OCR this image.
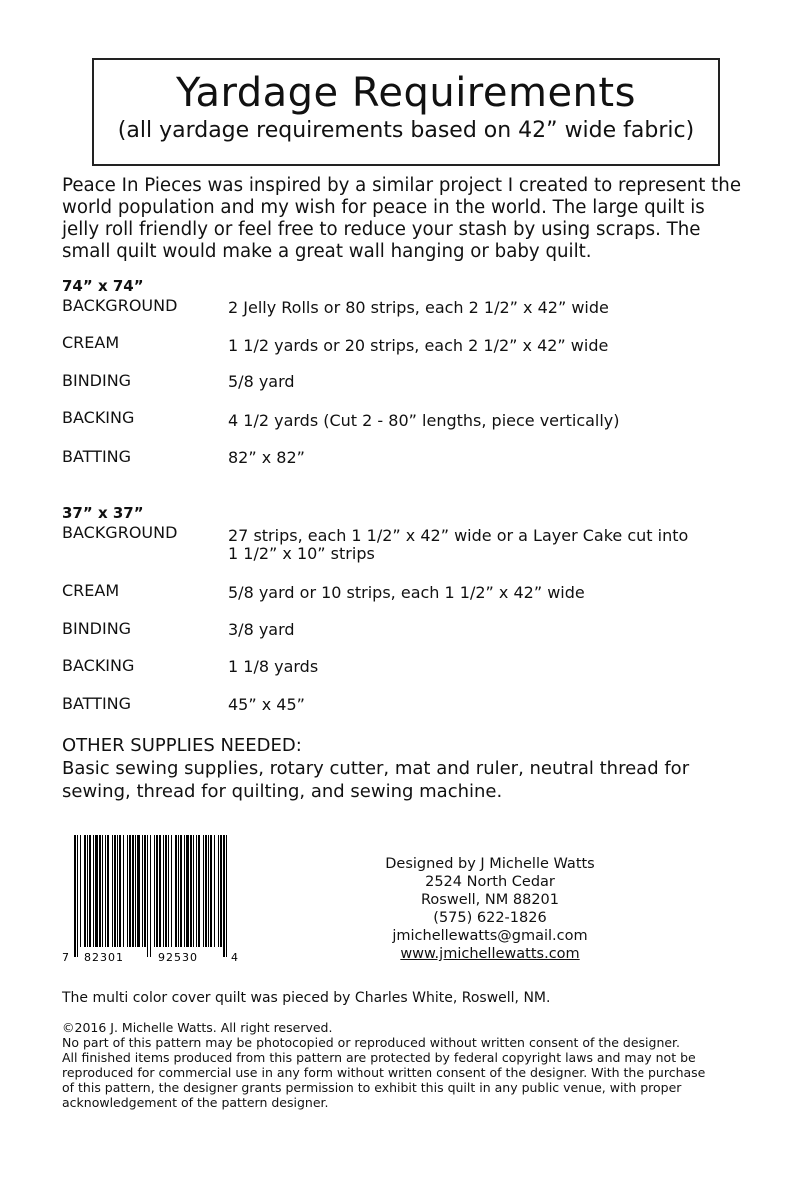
Yardage Requirements
(all yardage requirements based on 42” wide fabric)
Peace In Pieces was inspired by a similar project I created to represent the world population and my wish for peace in the world. The large quilt is jelly roll friendly or feel free to reduce your stash by using scraps. The small quilt would make a great wall hanging or baby quilt.
74” x 74”
BACKGROUND	2 Jelly Rolls or 80 strips, each 2 1/2” x 42” wide
CREAM	1 1/2 yards or 20 strips, each 2 1/2” x 42” wide
BINDING	5/8 yard
BACKING	4 1/2 yards (Cut 2 - 80” lengths, piece vertically)
BATTING	82” x 82”
37” x 37”
BACKGROUND	27 strips, each 1 1/2” x 42” wide or a Layer Cake cut into
1 1/2” x 10” strips
CREAM	5/8 yard or 10 strips, each 1 1/2” x 42” wide
BINDING	3/8 yard
BACKING	1 1/8 yards
BATTING	45” x 45”
OTHER SUPPLIES NEEDED:
Basic sewing supplies, rotary cutter, mat and ruler, neutral thread for sewing, thread for quilting, and sewing machine.
7 82301	92530	4
Designed by J Michelle Watts
2524 North Cedar
Roswell, NM 88201
(575) 622-1826
jmichellewatts@gmail.com
www.jmichellewatts.com
The multi color cover quilt was pieced by Charles White, Roswell, NM.
©2016 J. Michelle Watts. All right reserved.
No part of this pattern may be photocopied or reproduced without written consent of the designer.
All finished items produced from this pattern are protected by federal copyright laws and may not be
reproduced for commercial use in any form without written consent of the designer. With the purchase
of this pattern, the designer grants permission to exhibit this quilt in any public venue, with proper
acknowledgement of the pattern designer.
